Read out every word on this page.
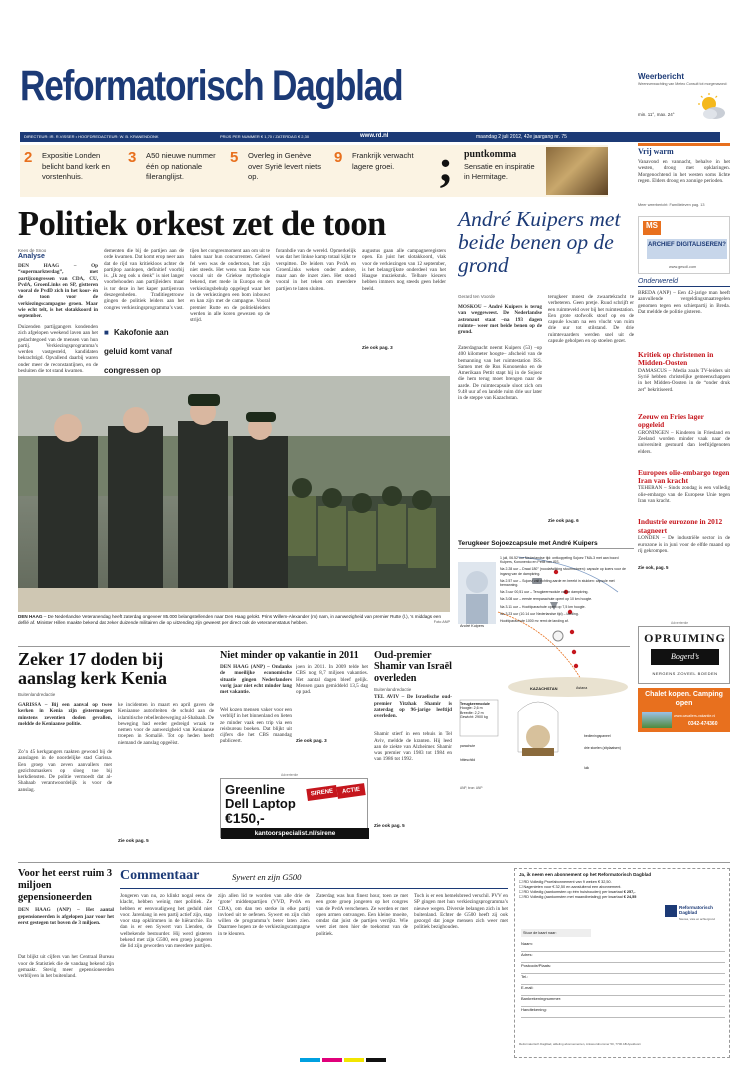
Reformatorisch Dagblad	Weerbericht
Weersverwachting van Meteo Consult tot morgenavond:
min. 11°, max. 24°
DIRECTEUR: IR. R.VISSER • HOOFDREDACTEUR: W. B. KRANENDONK	PRIJS PER NUMMER € 1,70 / ZATERDAG € 2,30	www.rd.nl	maandag 2 juli 2012, 42e jaargang nr. 75
2 Expositie Londen belicht band kerk en vorstenhuis.
3 A50 nieuwe nummer één op nationale fileranglijst.
5 Overleg in Genève over Syrië levert niets op.
9 Frankrijk verwacht lagere groei. ; puntkomma
Sensatie en inspiratie in Hermitage.
Vrij warm
Vanavond en vannacht, behalve in het westen, droog met opklaringen. Morgenochtend in het westen soms lichte regen. Elders droog en zonnige perioden.
Meer weerbericht: Familieleven pag. 13
Politiek orkest zet de toon
Kees de Snoo
Analyse
DEN HAAG – Op “supermarkterdag”, met partijcongressen van CDA, CU, PvdA, GroenLinks en SP, gistteren vooral de PvdD zich in het koor- én de toon voor de verkiezingscampagne groen. Maar wie echt telt, is het slotakkoord in september.
Duizenden partijgangers kondenden zich afgelopen weekend laven aan het gedachtegoed van de mensen van hun partij. Verkiezingsprogramma’s werden vastgesteld, kandidaten bekrachtigd. Opvallend daarbij waren onder meer de reconstantijnen, en de besluiten die tot stand kwamen.
dementen die bij de partijen aan de orde kwamen. Dat komt erop neer aan dat de rijd van kritiekloos achter de partijtop aanlopen, definitief voorbij is. „Ik zeg ook u denk” is niet langer voorbehouden aan partijleiders maar is tor deze in het kaper partijenvan deszegenheden. Traditiegetrouw gingen de politiek leiders aan het congres verkiezingsprogramma’s vast.
■ Kakofonie aan geluid komt vanaf congressen op
tijen het congresmoment aan om uit te halen naar hun concurrenten. Geheel fel wen was de ondertoon, het zijn niet steeds. Het wens van Rutte was vooral uit de Griekse mythologie bekend, met mede in Europa en de verkiezingsbehulp opgelegd waar het in de verkiezingen een bom inbouwt en kan zijn met de campagne. Vooral premier Rutte en de politiekleiders werden in alle koren gewezen op de strijd.
foranhdie van de wereld. Opmerkelijk was dat het linkse kamp totaal kijkt te verspitten. De leiders van PvdA en GroenLinks weken onder andere, maar aan de inzet zien. Het stond vooral in het teken om meerdere partijen te laten sluiten.
augustus gaan alle campagneregisters open. En juist het slotakkoord, vlak voor de verkiezingen van 12 september, is het belangrijkste onderdeel van het Haagse muziekstuk. Telbare kiezers hebben immers nog steeds geen helder beeld.
Zie ook pag. 3
DEN HAAG – De Nederlandse Veteranendag heeft zaterdag ongeveer 85.000 belangstellenden naar Den Haag gelokt. Prins Willem-Alexander (m) nam, in aanwezigheid van premier Rutte (l.), ’s middags een defilé af. Minister Hillen maakte bekend dat zeker duizende militairen die op uitzending zijn geweest per direct ook de veteranenstatus hebben.	Foto ANP
André Kuipers met beide benen op de grond
Gerard ten Voorde
MOSKOU – André Kuipers is terug van weggeweest. De Nederlandse astronaut staat –na 193 dagen ruimte– weer met beide benen op de grond.
Zaterdagnacht neemt Kuipers (53) –op 400 kilometer hoogte– afscheid van de bemanning van het ruimtestation ISS. Samen met de Rus Kononenko en de Amerikaan Pettit stapt hij in de Sojoez die hem terug moet brengen naar de aarde. De ruimtecapsule sloot zich om 9.48 uur af en landde ruim drie uur later in de steppe van Kazachstan.
terugkeer moest de zwaartekracht te verbeteren. Geen pretje. Ruud schrijft er een ruimteveld over bij het ruimtestation. Een grote stofwolk stoof op en de capsule kwam na een vlucht van ruim drie uur tot stilstand. De drie ruimtevaarders werden snel uit de capsule geholpen en op stoelen gezet.
Zie ook pag. 6
Terugkeer Sojoezcapsule met André Kuipers
1 juli, 06.52 uur Nederlandse tijd: ontkoppeling Sojoez TMA-3 met aan boord Kuipers, Kononenko en Pettit van ISS.
Na 2.28 uur – Draai 180° (noodafwijking stuurmotoren): capsule op koers voor de ingang van de dampkring.
Na 2.57 uur – Sojoez valt richting aarde en breekt in stukken: capsule met bemanning.
Na 3 uur 00,51 uur – Terugkeermodule valt in dampkring.
Na 3.08 uur – eerste remparachute opent op 10 km hoogte.
Na 3.11 uur – Hoofdparachute opent op 7,5 km hoogte.
Na 3.23 uur (10.14 uur Nederlandse tijd) – landing.
Hoofdparachute 1000 m² remt de landing af.
André Kuipers
KAZACHSTAN	Astana
Terugkeermodule
Hoogte: 2,6 m
Breedte: 2,2 m
Gewicht: 2900 kg
bedieningspaneel
drie stoelen (zitplaatsen)
parachute
hitteschild
luik
ANP, bron: ANP
MS
ARCHIEF DIGITALISEREN?
www.gesoll.com
Onderwereld
BREDA (ANP) – Een 42-jarige man heeft aanvullende vergeldingsmaatregelen genomen tegen een schietpartij in Breda. Dat meldde de politie gisteren.
Kritiek op christenen in Midden-Oosten
DAMASCUS – Media zoals TV-leiders uit Syrië hebben christelijke gemeenschappen in het Midden-Oosten in de “onder druk zet” bekritiseerd.
Zeeuw en Fries lager opgeleid
GRONINGEN – Kinderen in Friesland en Zeeland worden minder vaak naar de universiteit gestuurd dan leeftijdgenoten elders.
Europees olie-embargo tegen Iran van kracht
TEHERAN – Sinds zondag is een volledig olie-embargo van de Europese Unie tegen Iran van kracht.
Industrie eurozone in 2012 stagneert
LONDEN – De industriële sector in de eurozone is in juni voor de elfde maand op rij gekrompen.
Zie ook, pag. 5
Advertentie
OPRUIMING
Bogerd’s
NERGENS ZOVEEL BOEDEN
Chalet kopen. Camping open
www.cavaliers-vakantie.nl
0342-474360
Zeker 17 doden bij aanslag kerk Kenia
Buitenlandredactie
GARISSA – Bij een aanval op twee kerken in Kenia zijn gistermorgen minstens zeventien doden gevallen, meldde de Keniaanse politie.
Zo’n 45 kerkgangers raakten gewond bij de aanslagen in de noordelijke stad Garissa. Een groep van zeven aanvallers met gezichtsmaskers op sloeg toe bij kerkdiensten. De politie vermoedt dat al-Shabaab verantwoordelijk is voor de aanslag.
ke incidenten in maart en april gaven de Keniaanse autoriteiten de schuld aan de islamitische rebellenbeweging al-Shabaab. De beweging had eerder gedreigd wraak te nemen voor de aanwezigheid van Keniaanse troepen in Somalië. Tot op heden heeft niemand de aanslag opgeëist.
Zie ook pag. 5
Niet minder op vakantie in 2011
DEN HAAG (ANP) – Ondanks de moeilijke economische situatie gingen Nederlanders vorig jaar niet echt minder lang met vakantie.
Wel kozen mensen vaker voor een verblijf in het binnenland en lieten ze minder vaak een trip via een reisbureau boeken. Dat blijkt uit cijfers die het CBS maandag publiceert.
joen in 2011. In 2009 telde het CBS nog 8,7 miljoen vakanties. Het aantal dagen bleef gelijk. Mensen gaan gemiddeld 13,5 dag op pad.
Zie ook pag. 3
Advertentie
Greenline
Dell Laptop
€150,-
SIRENE	ACTIE
kantoorspecialist.nl/sirene
Oud-premier Shamir van Israël overleden
Buitenlandredactie
TEL AVIV – De Israelische oud-premier Yitzhak Shamir is zaterdag op 96-jarige leeftijd overleden.
Shamir stierf in een tehuis in Tel Aviv, meldde de kranten. Hij leed aan de ziekte van Alzheimer. Shamir was premier van 1983 tot 1984 en van 1986 tot 1992.
Zie ook pag. 5
Voor het eerst ruim 3 miljoen gepensioneerden
DEN HAAG (ANP) – Het aantal gepensioneerden is afgelopen jaar voor het eerst gestegen tot boven de 3 miljoen.
Dat blijkt uit cijfers van het Centraal Bureau voor de Statistiek die de vandaag bekend zijn gemaakt. Stevig meer gepensioneerden verblijven in het buitenland.
Commentaar	Sywert en zijn G500
Jongeren van nu, zo klinkt nogal eens de klacht, hebben weinig met politiek. Ze hebben er eenvoudigweg het geduld niet voor. Jarenlang in een partij actief zijn, stap voor stap opklimmen in de hiërarchie. En dan is er een Sywert van Lienden, de welbekende bestuurder. Hij werd gisteren bekend met zijn G500, een groep jongeren die lid zijn geworden van meerdere partijen.
zijn allen lid te worden van alle drie de ‘grote’ middenpartijen (VVD, PvdA en CDA), om dan ten sterke in elke partij invloed uit te oefenen. Sywert en zijn club willen de programma’s beter laten zien. Daarmee hopen ze de verkiezingscampagne in te kleuren.
Zaterdag was hun finest hour, toen ze met een grote groep jongeren op het congres van de PvdA verschenen. Ze werden er met open armen ontvangen. Een kleine moeite, omdat dat juist de partijen verrijkt. Wie weet ziet men hier de toekomst van de politiek.
Toch is er een hemelsbreed verschil. PVV en SP gingen met hun verkiezingsprogramma’s nieuwe wegen. Diversie belangen zich in het buitenland. Echter de G500 heeft zij ook gezorgd dat jonge mensen zich weer met politiek bezighouden.
Ja, ik neem een abonnement op het Reformatorisch Dagblad
☐ RD Volledig Proefabonnement van 9 weken € 32,50.
☐ Nagenieten voor € 32,50 en aansluitend een abonnement.
☐ RD Volledig (aankomsten op één huishouden) per kwartaal € 257,-
☐ RD Volledig (aankomsten met maandbetaling) per kwartaal € 24,55
Reformatorisch Dagblad
Nieuws, visie en achtergrond
Stuur de kaart naar:
Naam:
Adres:
Postcode/Plaats:
Tel.:
E-mail:
Bankrekeningnummer:
Handtekening:
Reformatorisch Dagblad, afdeling abonnementen, Antwoordnummer 50, 7700 AB Apeldoorn
